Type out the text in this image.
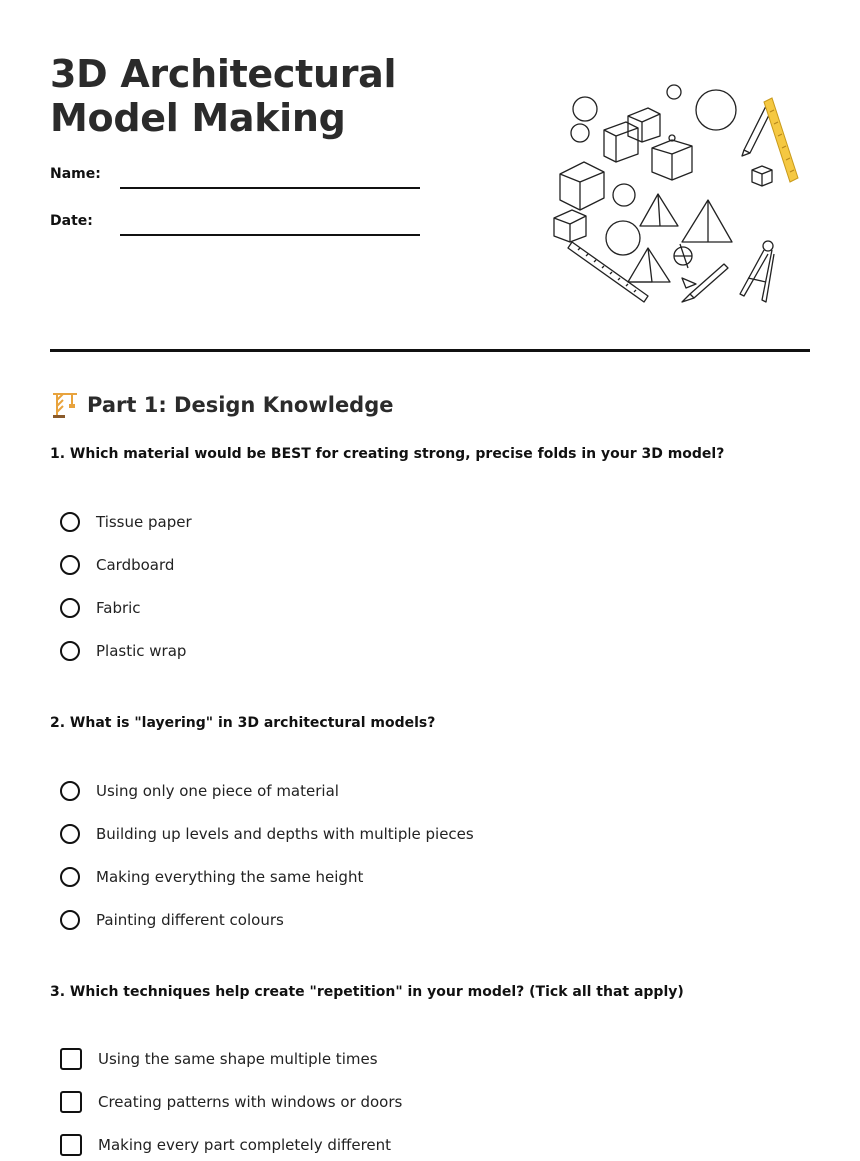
3D Architectural Model Making
Name:
Date:
Part 1: Design Knowledge
1. Which material would be BEST for creating strong, precise folds in your 3D model?
Tissue paper
Cardboard
Fabric
Plastic wrap
2. What is "layering" in 3D architectural models?
Using only one piece of material
Building up levels and depths with multiple pieces
Making everything the same height
Painting different colours
3. Which techniques help create "repetition" in your model? (Tick all that apply)
Using the same shape multiple times
Creating patterns with windows or doors
Making every part completely different
